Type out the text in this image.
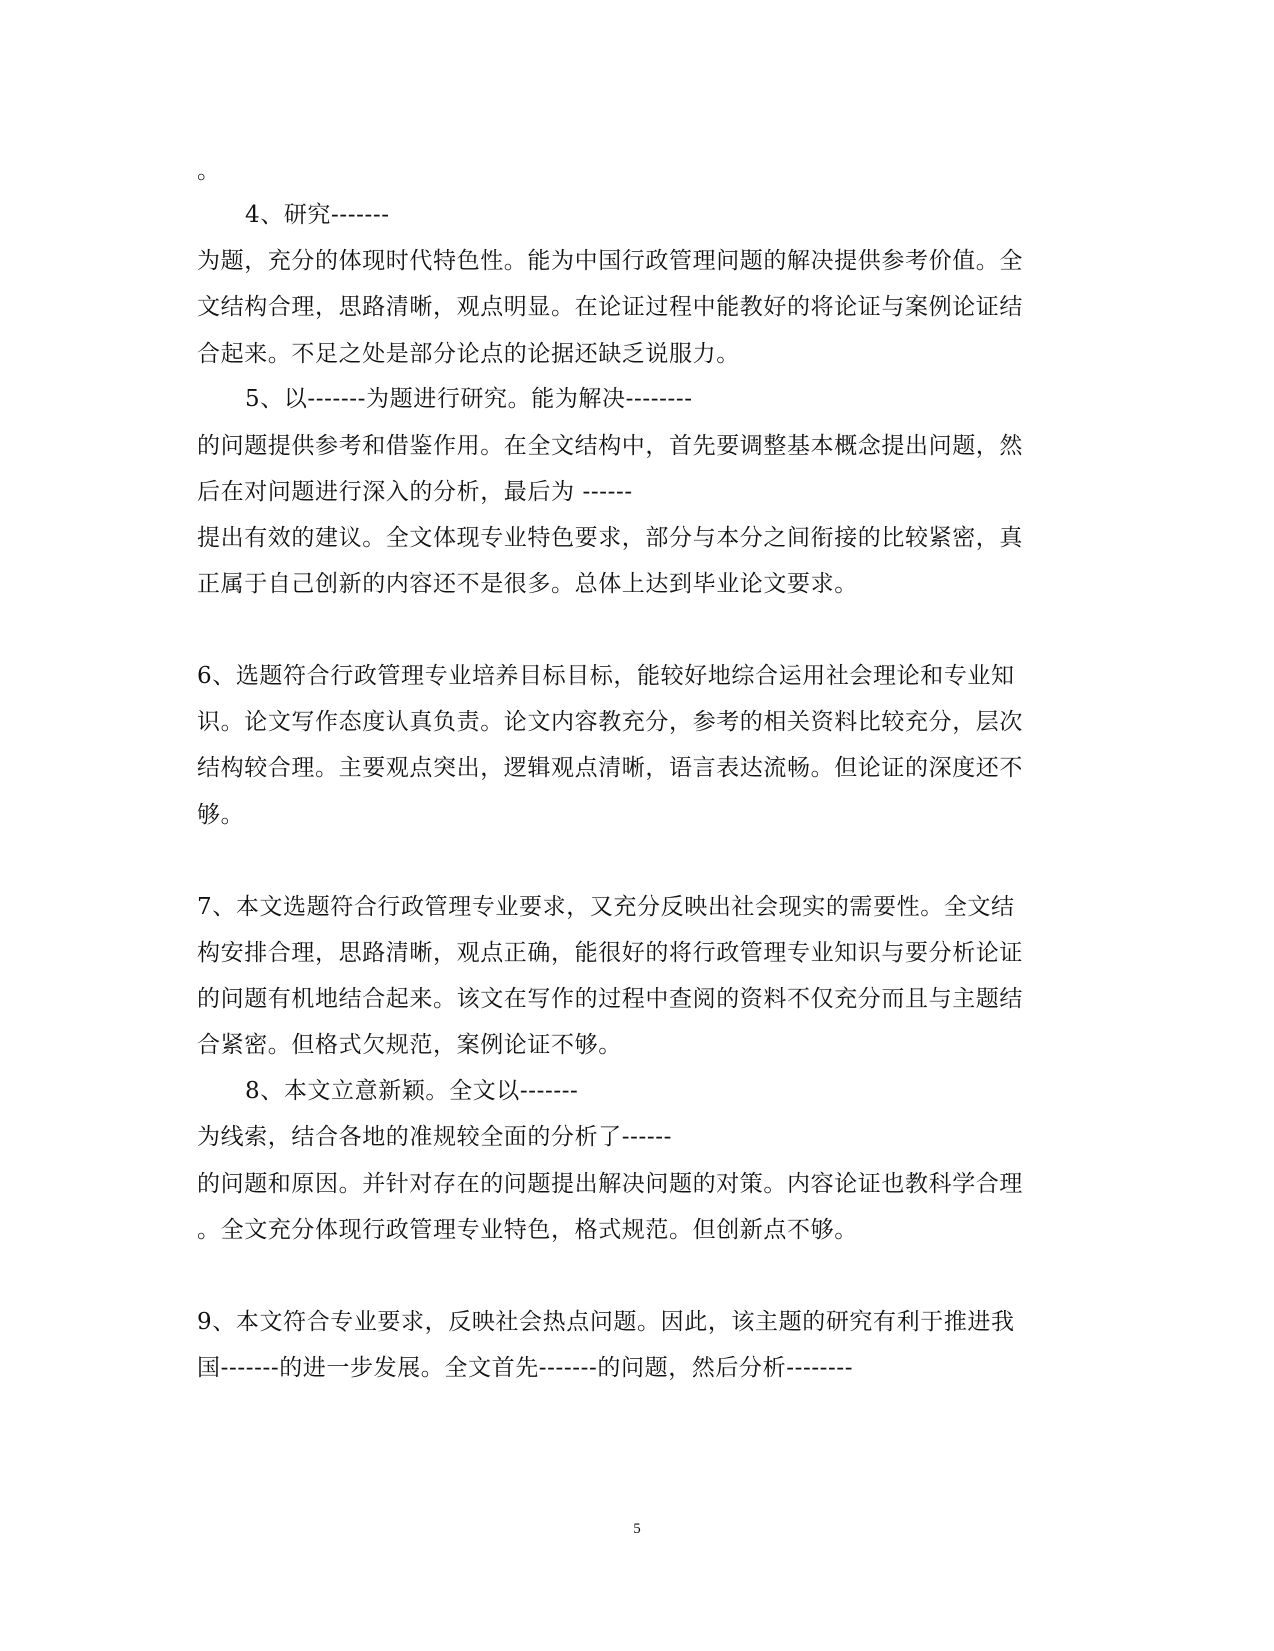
。
4、研究-------
为题，充分的体现时代特色性。能为中国行政管理问题的解决提供参考价值。全
文结构合理，思路清晰，观点明显。在论证过程中能教好的将论证与案例论证结
合起来。不足之处是部分论点的论据还缺乏说服力。
5、以-------为题进行研究。能为解决--------
的问题提供参考和借鉴作用。在全文结构中，首先要调整基本概念提出问题，然
后在对问题进行深入的分析，最后为 ------
提出有效的建议。全文体现专业特色要求，部分与本分之间衔接的比较紧密，真
正属于自己创新的内容还不是很多。总体上达到毕业论文要求。
6、选题符合行政管理专业培养目标目标，能较好地综合运用社会理论和专业知
识。论文写作态度认真负责。论文内容教充分，参考的相关资料比较充分，层次
结构较合理。主要观点突出，逻辑观点清晰，语言表达流畅。但论证的深度还不
够。
7、本文选题符合行政管理专业要求，又充分反映出社会现实的需要性。全文结
构安排合理，思路清晰，观点正确，能很好的将行政管理专业知识与要分析论证
的问题有机地结合起来。该文在写作的过程中查阅的资料不仅充分而且与主题结
合紧密。但格式欠规范，案例论证不够。
8、本文立意新颖。全文以-------
为线索，结合各地的准规较全面的分析了------
的问题和原因。并针对存在的问题提出解决问题的对策。内容论证也教科学合理
。全文充分体现行政管理专业特色，格式规范。但创新点不够。
9、本文符合专业要求，反映社会热点问题。因此，该主题的研究有利于推进我
国-------的进一步发展。全文首先-------的问题，然后分析--------
5
